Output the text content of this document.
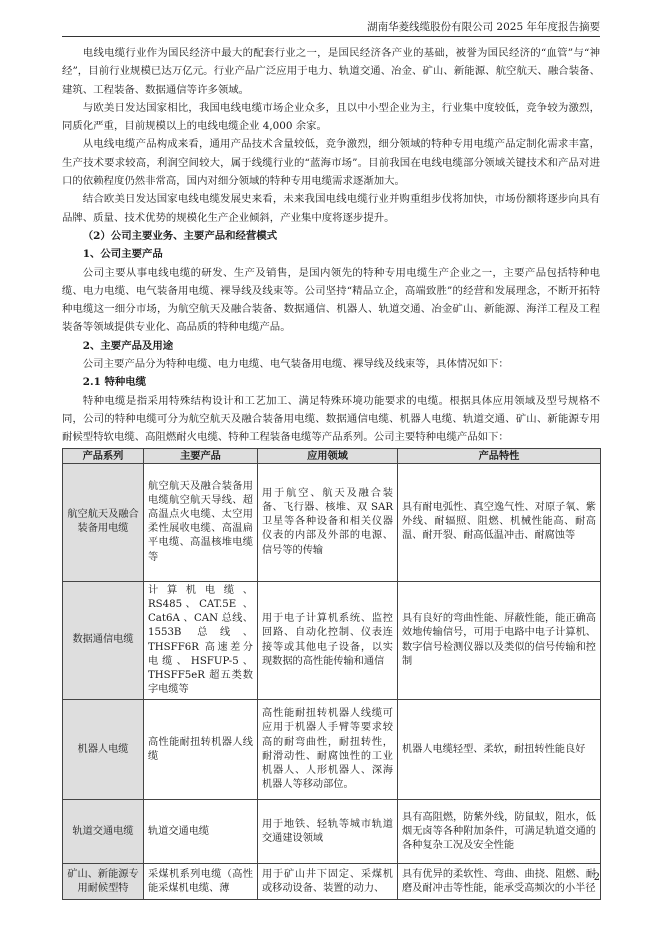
湖南华菱线缆股份有限公司 2025 年年度报告摘要

电线电缆行业作为国民经济中最大的配套行业之一，是国民经济各产业的基础，被誉为国民经济的“血管”与“神经”，目前行业规模已达万亿元。行业产品广泛应用于电力、轨道交通、冶金、矿山、新能源、航空航天、融合装备、建筑、工程装备、数据通信等许多领域。

与欧美日发达国家相比，我国电线电缆市场企业众多，且以中小型企业为主，行业集中度较低，竞争较为激烈，同质化严重，目前规模以上的电线电缆企业 4,000 余家。

从电线电缆产品构成来看，通用产品技术含量较低，竞争激烈，细分领域的特种专用电缆产品定制化需求丰富，生产技术要求较高，利润空间较大，属于线缆行业的“蓝海市场”。目前我国在电线电缆部分领域关键技术和产品对进口的依赖程度仍然非常高，国内对细分领域的特种专用电缆需求逐渐加大。

结合欧美日发达国家电线电缆发展史来看，未来我国电线电缆行业并购重组步伐将加快，市场份额将逐步向具有品牌、质量、技术优势的规模化生产企业倾斜，产业集中度将逐步提升。

（2）公司主要业务、主要产品和经营模式

1、公司主要产品

公司主要从事电线电缆的研发、生产及销售，是国内领先的特种专用电缆生产企业之一，主要产品包括特种电缆、电力电缆、电气装备用电缆、裸导线及线束等。公司坚持“精品立企，高端致胜”的经营和发展理念，不断开拓特种电缆这一细分市场，为航空航天及融合装备、数据通信、机器人、轨道交通、冶金矿山、新能源、海洋工程及工程装备等领域提供专业化、高品质的特种电缆产品。

2、主要产品及用途

公司主要产品分为特种电缆、电力电缆、电气装备用电缆、裸导线及线束等，具体情况如下：

2.1 特种电缆

特种电缆是指采用特殊结构设计和工艺加工、满足特殊环境功能要求的电缆。根据具体应用领域及型号规格不同，公司的特种电缆可分为航空航天及融合装备用电缆、数据通信电缆、机器人电缆、轨道交通、矿山、新能源专用耐候型特软电缆、高阻燃耐火电缆、特种工程装备电缆等产品系列。公司主要特种电缆产品如下：

产品系列	主要产品	应用领域	产品特性
航空航天及融合装备用电缆	航空航天及融合装备用电缆航空航天导线、超高温点火电缆、太空用柔性展收电缆、高温扁平电缆、高温核堆电缆等	用于航空、航天及融合装备、飞行器、核堆、双 SAR 卫星等各种设备和相关仪器仪表的内部及外部的电源、信号等的传输	具有耐电弧性、真空逸气性、对原子氧、紫外线、耐辐照、阻燃、机械性能高、耐高温、耐开裂、耐高低温冲击、耐腐蚀等
数据通信电缆	计算机电缆、RS485、CAT.5E 、 Cat6A 、CAN 总线、1553B 总线、THSFF6R 高速差分电缆、HSFUP-5、THSFF5eR 超五类数字电缆等	用于电子计算机系统、监控回路、自动化控制、仪表连接等或其他电子设备，以实现数据的高性能传输和通信	具有良好的弯曲性能、屏蔽性能，能正确高效地传输信号，可用于电路中电子计算机、数字信号检测仪器以及类似的信号传输和控制
机器人电缆	高性能耐扭转机器人线缆	高性能耐扭转机器人线缆可应用于机器人手臂等要求较高的耐弯曲性，耐扭转性，耐滑动性、耐腐蚀性的工业机器人、人形机器人、深海机器人等移动部位。	机器人电缆轻型、柔软，耐扭转性能良好
轨道交通电缆	轨道交通电缆	用于地铁、轻轨等城市轨道交通建设领域	具有高阻燃，防紫外线，防鼠蚁，阻水，低烟无卤等各种附加条件，可满足轨道交通的各种复杂工况及安全性能
矿山、新能源专用耐候型特	采煤机系列电缆（高性能采煤机电缆、薄	用于矿山井下固定、采煤机或移动设备、装置的动力、	具有优异的柔软性、弯曲、曲挠、阻燃、耐磨及耐冲击等性能，能承受高频次的小半径
2
